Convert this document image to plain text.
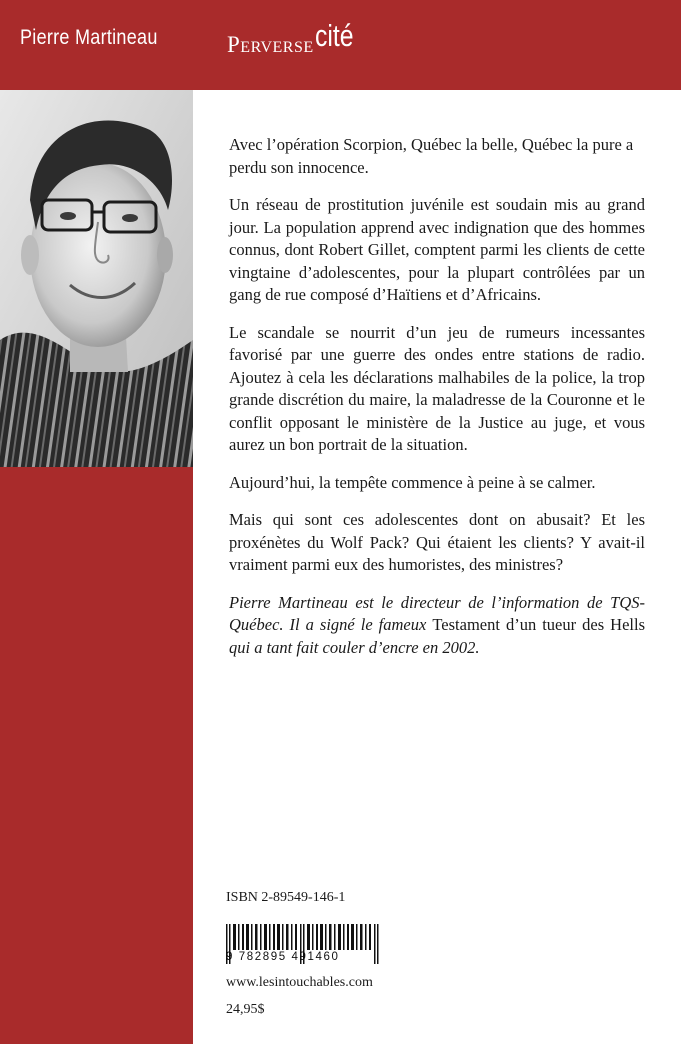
Pierre Martineau	Perversecité

Avec l’opération Scorpion, Québec la belle, Québec la pure a perdu son innocence.

Un réseau de prostitution juvénile est soudain mis au grand jour. La population apprend avec indignation que des hommes connus, dont Robert Gillet, comptent parmi les clients de cette vingtaine d’adolescentes, pour la plupart contrôlées par un gang de rue composé d’Haïtiens et d’Africains.

Le scandale se nourrit d’un jeu de rumeurs incessantes favorisé par une guerre des ondes entre stations de radio. Ajoutez à cela les déclarations malhabiles de la police, la trop grande discrétion du maire, la maladresse de la Couronne et le conflit opposant le ministère de la Justice au juge, et vous aurez un bon portrait de la situation.

Aujourd’hui, la tempête commence à peine à se calmer.

Mais qui sont ces adolescentes dont on abusait? Et les proxénètes du Wolf Pack? Qui étaient les clients? Y avait-il vraiment parmi eux des humoristes, des ministres?

Pierre Martineau est le directeur de l’information de TQS-Québec. Il a signé le fameux Testament d’un tueur des Hells qui a tant fait couler d’encre en 2002.

ISBN 2-89549-146-1
9 782895 491460
www.lesintouchables.com
24,95$
